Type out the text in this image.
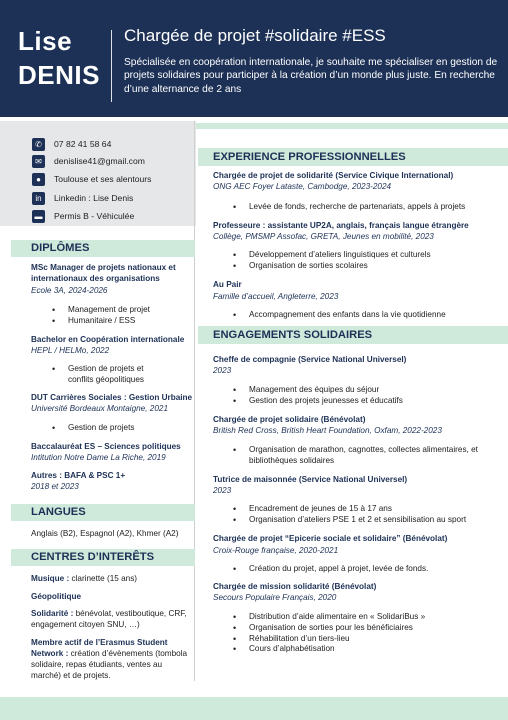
Lise
DENIS
Chargée de projet #solidaire #ESS
Spécialisée en coopération internationale, je souhaite me spécialiser en gestion de projets solidaires pour participer à la création d’un monde plus juste. En recherche d’une alternance de 2 ans
✆	07 82 41 58 64
✉	denislise41@gmail.com
●	Toulouse et ses alentours
in	Linkedin : Lise Denis
▬ Permis B - Véhiculée
DIPLÔMES
MSc Manager de projets nationaux et internationaux des organisations
Ecole 3A, 2024-2026
• Management de projet
• Humanitaire / ESS
Bachelor en Coopération internationale
HEPL / HELMo, 2022
• Gestion de projets et conflits géopolitiques
DUT Carrières Sociales : Gestion Urbaine
Université Bordeaux Montaigne, 2021
• Gestion de projets
Baccalauréat ES – Sciences politiques
Intitution Notre Dame La Riche, 2019
Autres : BAFA & PSC 1+
2018 et 2023
LANGUES
Anglais (B2), Espagnol (A2), Khmer (A2)
CENTRES D’INTERÊTS
Musique : clarinette (15 ans)
Géopolitique
Solidarité : bénévolat, vestiboutique, CRF, engagement citoyen SNU, …)
Membre actif de l’Erasmus Student Network : création d’évènements (tombola solidaire, repas étudiants, ventes au marché) et de projets.
EXPERIENCE PROFESSIONNELLES
Chargée de projet de solidarité (Service Civique International)
ONG AEC Foyer Lataste, Cambodge, 2023-2024
• Levée de fonds, recherche de partenariats, appels à projets
Professeure : assistante UP2A, anglais, français langue étrangère
Collège, PMSMP Assofac, GRETA, Jeunes en mobilité, 2023
• Développement d’ateliers linguistiques et culturels
• Organisation de sorties scolaires
Au Pair
Famille d’accueil, Angleterre, 2023
• Accompagnement des enfants dans la vie quotidienne
ENGAGEMENTS SOLIDAIRES
Cheffe de compagnie (Service National Universel)
2023
• Management des équipes du séjour
• Gestion des projets jeunesses et éducatifs
Chargée de projet solidaire (Bénévolat)
British Red Cross, British Heart Foundation, Oxfam, 2022-2023
• Organisation de marathon, cagnottes, collectes alimentaires, et bibliothèques solidaires
Tutrice de maisonnée (Service National Universel)
2023
• Encadrement de jeunes de 15 à 17 ans
• Organisation d’ateliers PSE 1 et 2 et sensibilisation au sport
Chargée de projet “Epicerie sociale et solidaire” (Bénévolat)
Croix-Rouge française, 2020-2021
• Création du projet, appel à projet, levée de fonds.
Chargée de mission solidarité (Bénévolat)
Secours Populaire Français, 2020
• Distribution d’aide alimentaire en « SolidariBus »
• Organisation de sorties pour les bénéficiaires
• Réhabilitation d’un tiers-lieu
• Cours d’alphabétisation
